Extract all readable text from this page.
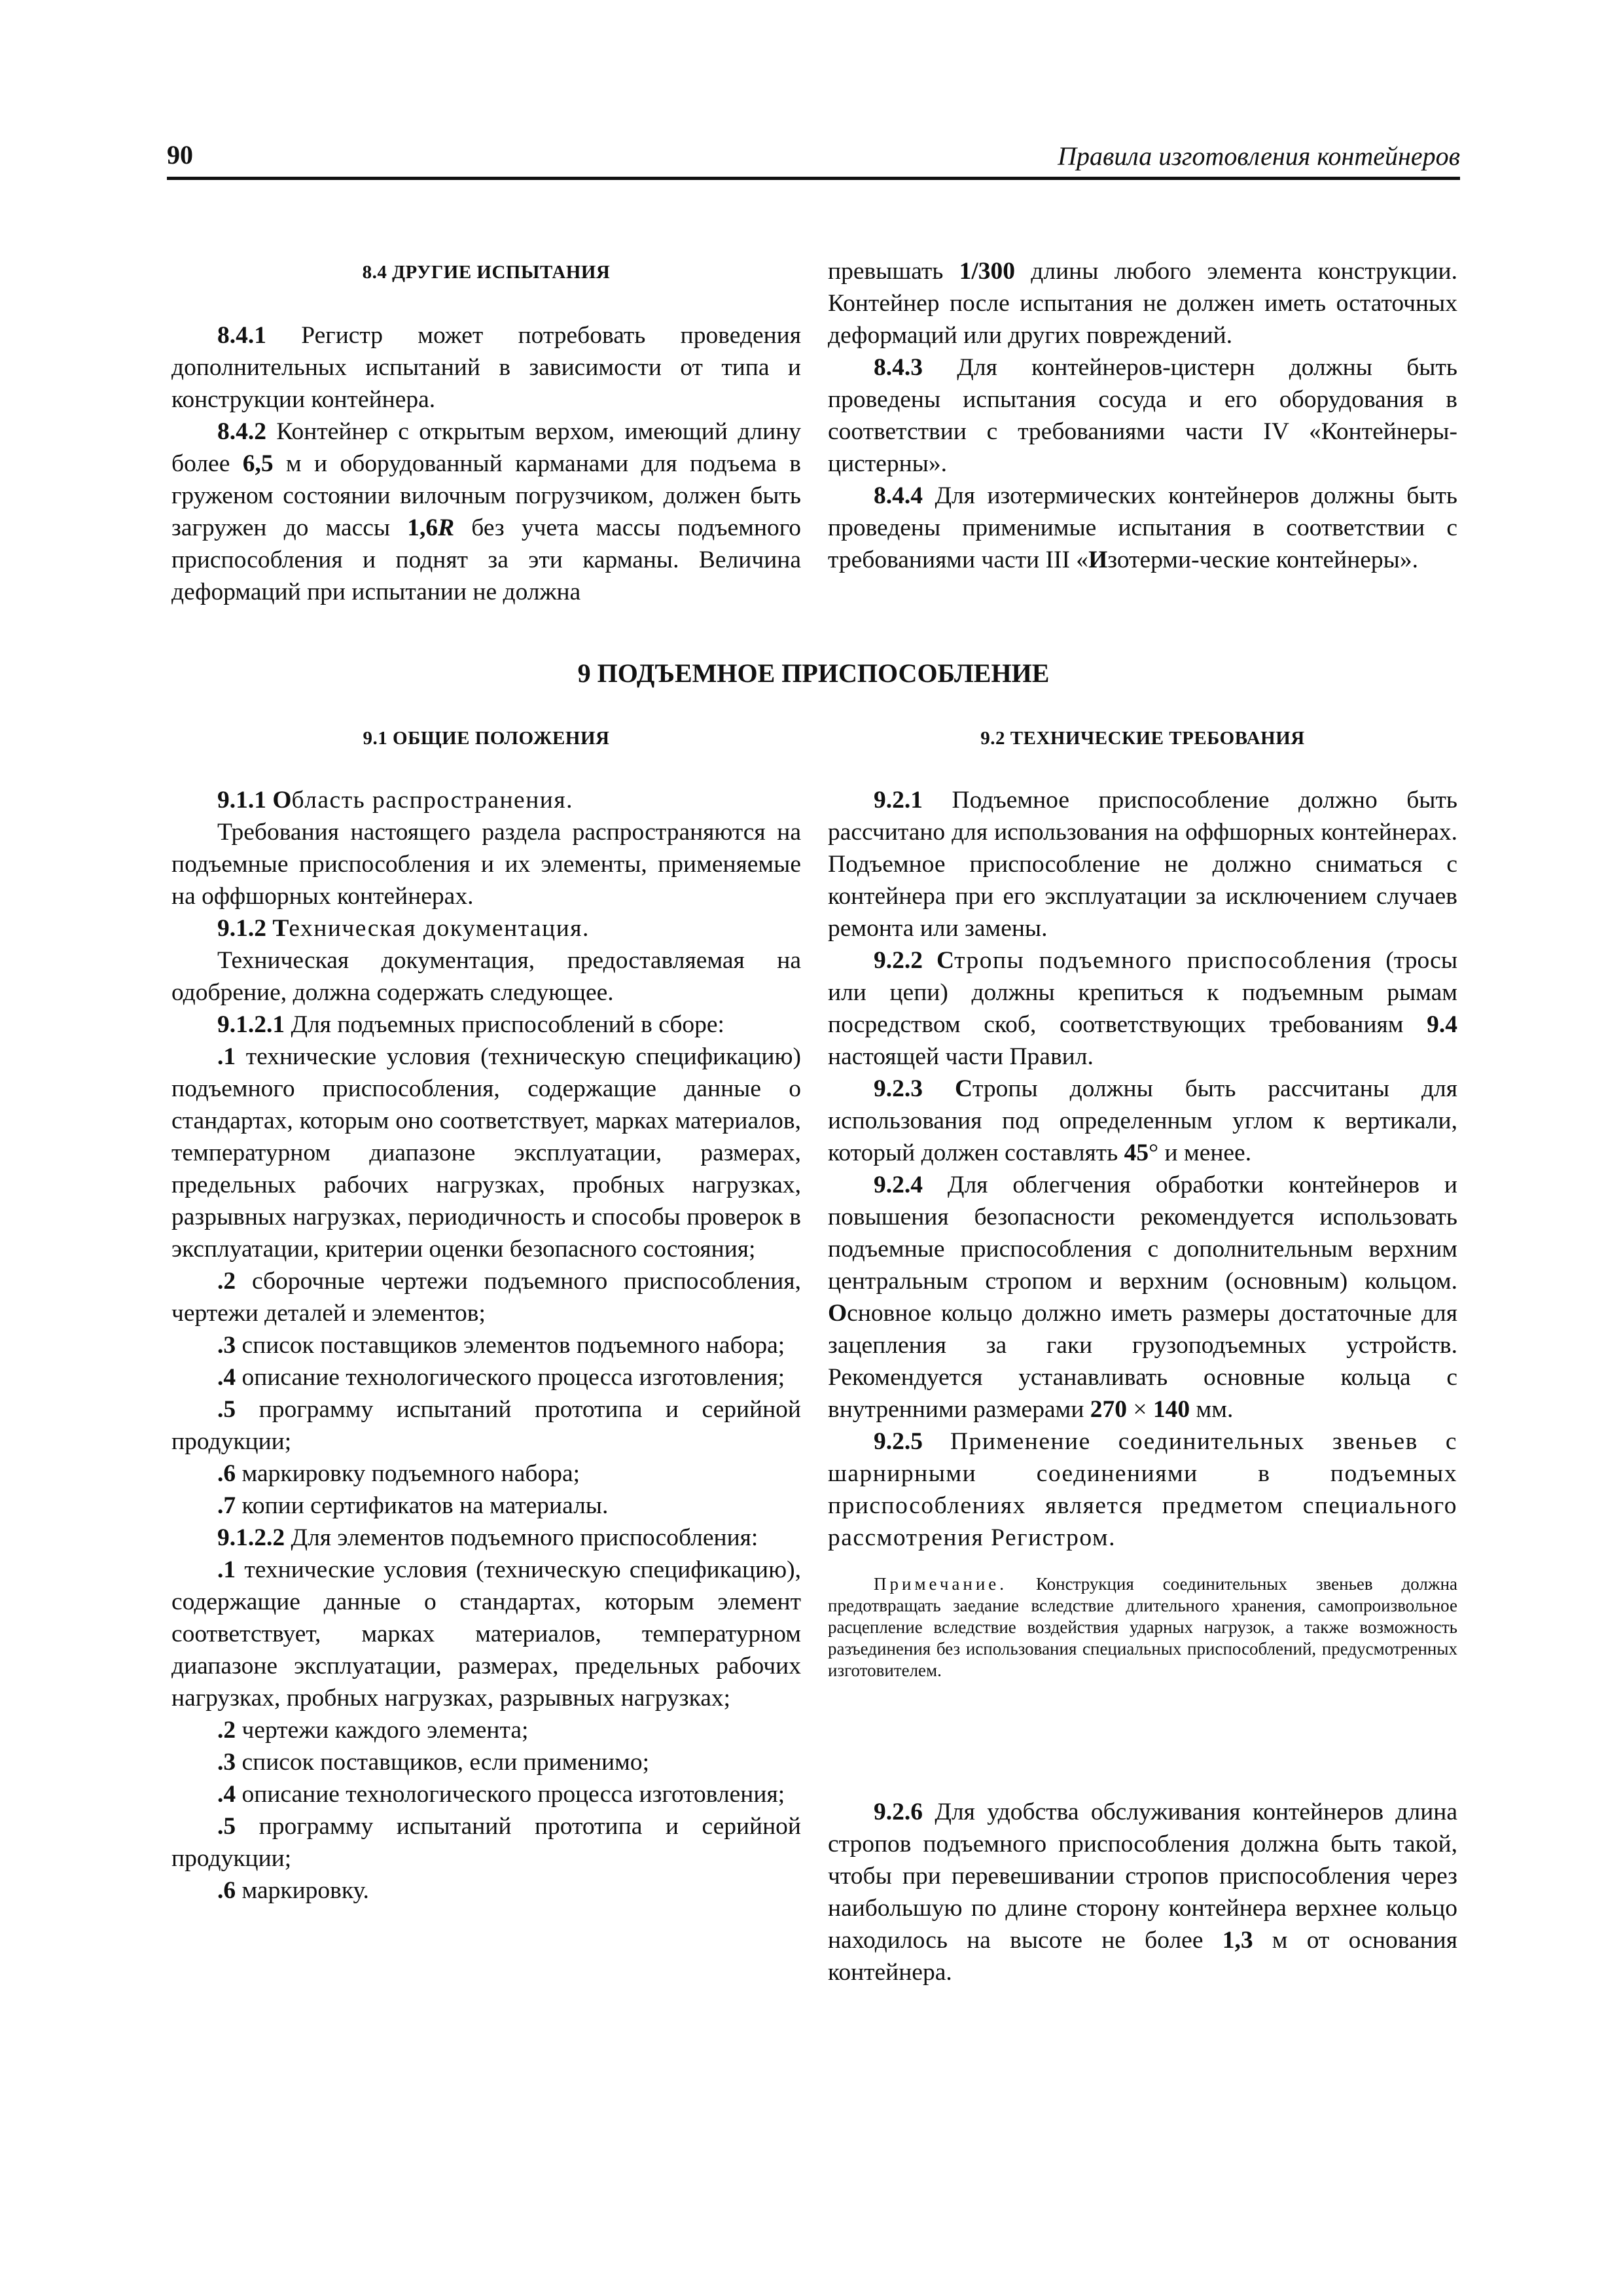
90	Правила изготовления контейнеров
8.4 ДРУГИЕ ИСПЫТАНИЯ

8.4.1 Регистр может потребовать проведения дополнительных испытаний в зависимости от типа и конструкции контейнера.

8.4.2 Контейнер с открытым верхом, имеющий длину более 6,5 м и оборудованный карманами для подъема в груженом состоянии вилочным погрузчиком, должен быть загружен до массы 1,6R без учета массы подъемного приспособления и поднят за эти карманы. Величина деформаций при испытании не должна

превышать 1/300 длины любого элемента конструкции. Контейнер после испытания не должен иметь остаточных деформаций или других повреждений.

8.4.3 Для контейнеров-цистерн должны быть проведены испытания сосуда и его оборудования в соответствии с требованиями части IV «Контейнеры-цистерны».

8.4.4 Для изотермических контейнеров должны быть проведены применимые испытания в соответствии с требованиями части III «Изотерми-ческие контейнеры».

9 ПОДЪЕМНОЕ ПРИСПОСОБЛЕНИЕ
9.1 ОБЩИЕ ПОЛОЖЕНИЯ	9.2 ТЕХНИЧЕСКИЕ ТРЕБОВАНИЯ

9.1.1 Область распространения.

Требования настоящего раздела распространяются на подъемные приспособления и их элементы, применяемые на оффшорных контейнерах.

9.1.2 Техническая документация.

Техническая документация, предоставляемая на одобрение, должна содержать следующее.

9.1.2.1 Для подъемных приспособлений в сборе:

.1 технические условия (техническую спецификацию) подъемного приспособления, содержащие данные о стандартах, которым оно соответствует, марках материалов, температурном диапазоне эксплуатации, размерах, предельных рабочих нагрузках, пробных нагрузках, разрывных нагрузках, периодичность и способы проверок в эксплуатации, критерии оценки безопасного состояния;

.2 сборочные чертежи подъемного приспособления, чертежи деталей и элементов;

.3 список поставщиков элементов подъемного набора;

.4 описание технологического процесса изготовления;

.5 программу испытаний прототипа и серийной продукции;

.6 маркировку подъемного набора;

.7 копии сертификатов на материалы.

9.1.2.2 Для элементов подъемного приспособления:

.1 технические условия (техническую спецификацию), содержащие данные о стандартах, которым элемент соответствует, марках материалов, температурном диапазоне эксплуатации, размерах, предельных рабочих нагрузках, пробных нагрузках, разрывных нагрузках;

.2 чертежи каждого элемента;

.3 список поставщиков, если применимо;

.4 описание технологического процесса изготовления;

.5 программу испытаний прототипа и серийной продукции;

.6 маркировку.

9.2.1 Подъемное приспособление должно быть рассчитано для использования на оффшорных контейнерах. Подъемное приспособление не должно сниматься с контейнера при его эксплуатации за исключением случаев ремонта или замены.

9.2.2 Стропы подъемного приспособления (тросы или цепи) должны крепиться к подъемным рымам посредством скоб, соответствующих требованиям 9.4 настоящей части Правил.

9.2.3 Стропы должны быть рассчитаны для использования под определенным углом к вертикали, который должен составлять 45° и менее.

9.2.4 Для облегчения обработки контейнеров и повышения безопасности рекомендуется использовать подъемные приспособления с дополнительным верхним центральным стропом и верхним (основным) кольцом. Основное кольцо должно иметь размеры достаточные для зацепления за гаки грузоподъемных устройств. Рекомендуется устанавливать основные кольца с внутренними размерами 270 × 140 мм.

9.2.5 Применение соединительных звеньев с шарнирными соединениями в подъемных приспособлениях является предметом специального рассмотрения Регистром.

Примечание. Конструкция соединительных звеньев должна предотвращать заедание вследствие длительного хранения, самопроизвольное расцепление вследствие воздействия ударных нагрузок, а также возможность разъединения без использования специальных приспособлений, предусмотренных изготовителем.

9.2.6 Для удобства обслуживания контейнеров длина стропов подъемного приспособления должна быть такой, чтобы при перевешивании стропов приспособления через наибольшую по длине сторону контейнера верхнее кольцо находилось на высоте не более 1,3 м от основания контейнера.
